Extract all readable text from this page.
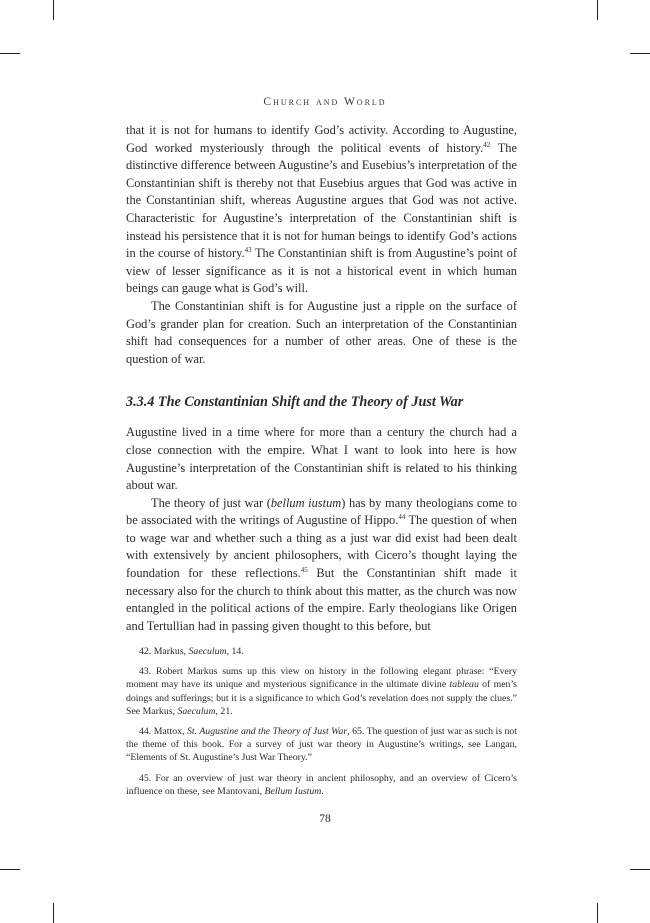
Church and World

that it is not for humans to identify God’s activity. According to Augustine, God worked mysteriously through the political events of history.$^{42}$ The distinctive difference between Augustine’s and Eusebius’s interpretation of the Constantinian shift is thereby not that Eusebius argues that God was active in the Constantinian shift, whereas Augustine argues that God was not active. Characteristic for Augustine’s interpretation of the Constantinian shift is instead his persistence that it is not for human beings to identify God’s actions in the course of history.$^{43}$ The Constantinian shift is from Augustine’s point of view of lesser significance as it is not a historical event in which human beings can gauge what is God’s will.

The Constantinian shift is for Augustine just a ripple on the surface of God’s grander plan for creation. Such an interpretation of the Constantinian shift had consequences for a number of other areas. One of these is the question of war.

3.3.4 The Constantinian Shift and the Theory of Just War

Augustine lived in a time where for more than a century the church had a close connection with the empire. What I want to look into here is how Augustine’s interpretation of the Constantinian shift is related to his thinking about war.

The theory of just war (bellum iustum) has by many theologians come to be associated with the writings of Augustine of Hippo.$^{44}$ The question of when to wage war and whether such a thing as a just war did exist had been dealt with extensively by ancient philosophers, with Cicero’s thought laying the foundation for these reflections.$^{45}$ But the Constantinian shift made it necessary also for the church to think about this matter, as the church was now entangled in the political actions of the empire. Early theologians like Origen and Tertullian had in passing given thought to this before, but

42. Markus, Saeculum, 14.

43. Robert Markus sums up this view on history in the following elegant phrase: “Every moment may have its unique and mysterious significance in the ultimate divine tableau of men’s doings and sufferings; but it is a significance to which God’s revelation does not supply the clues.” See Markus, Saeculum, 21.

44. Mattox, St. Augustine and the Theory of Just War, 65. The question of just war as such is not the theme of this book. For a survey of just war theory in Augustine’s writings, see Langan, “Elements of St. Augustine’s Just War Theory.”

45. For an overview of just war theory in ancient philosophy, and an overview of Cicero’s influence on these, see Mantovani, Bellum Iustum.

78
